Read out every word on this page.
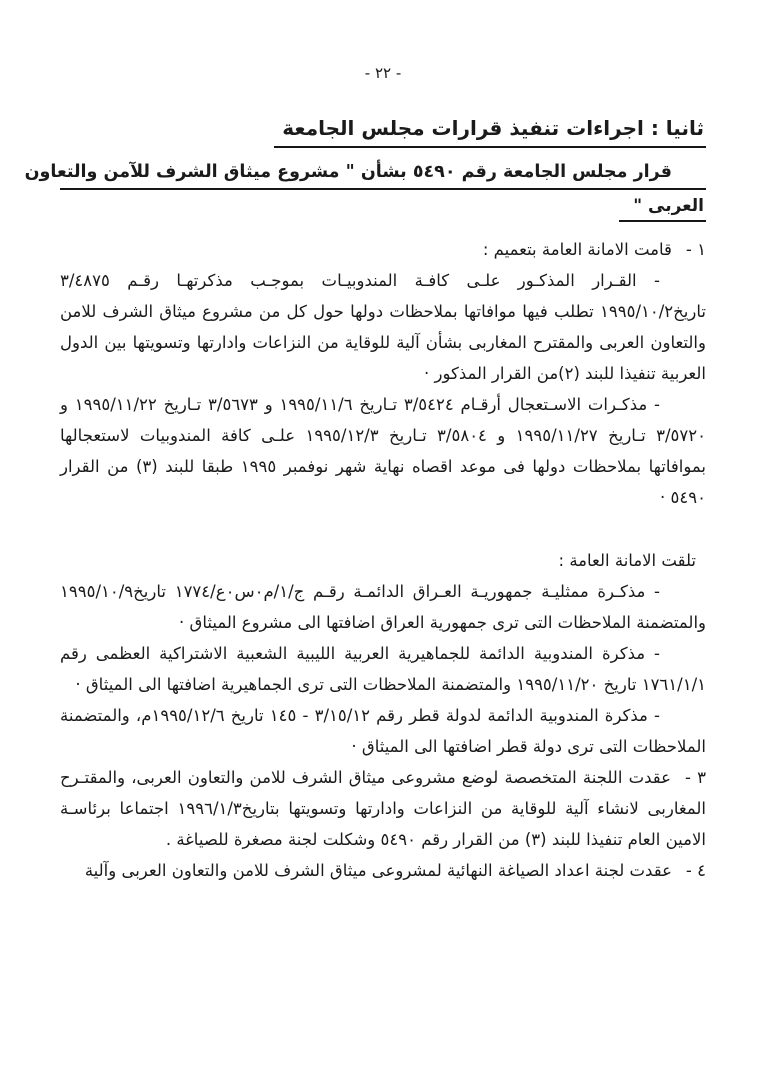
- ٢٢ -
ثانيا : اجراءات تنفيذ قرارات مجلس الجامعة
قرار مجلس الجامعة رقم ٥٤٩٠ بشأن " مشروع ميثاق الشرف للآمن والتعاون
العربى "

١ -قامت الامانة العامة بتعميم :

- القـرار المذكـور علـى كافـة المندوبيـات بموجـب مذكرتهـا رقـم ٣/٤٨٧٥ تاريخ١٩٩٥/١٠/٢ تطلب فيها موافاتها بملاحظات دولها حول كل من مشروع ميثاق الشرف للامن والتعاون العربى والمقترح المغاربى بشأن آلية للوقاية من النزاعات وادارتها وتسويتها بين الدول العربية تنفيذا للبند (٢)من القرار المذكور ·

- مذكـرات الاسـتعجال أرقـام ٣/٥٤٢٤ تـاريخ ١٩٩٥/١١/٦ و ٣/٥٦٧٣ تـاريخ ١٩٩٥/١١/٢٢ و ٣/٥٧٢٠ تـاريخ ١٩٩٥/١١/٢٧ و ٣/٥٨٠٤ تـاريخ ١٩٩٥/١٢/٣ علـى كافة المندوبيات لاستعجالها بموافاتها بملاحظات دولها فى موعد اقصاه نهاية شهر نوفمبر ١٩٩٥ طبقا للبند (٣) من القرار ٥٤٩٠ ·

تلقت الامانة العامة :

- مذكـرة ممثليـة جمهوريـة العـراق الدائمـة رقـم ج/١/م٠س٠ع/١٧٧٤ تاريخ١٩٩٥/١٠/٩ والمتضمنة الملاحظات التى ترى جمهورية العراق اضافتها الى مشروع الميثاق ·

- مذكرة المندوبية الدائمة للجماهيرية العربية الليبية الشعبية الاشتراكية العظمى رقم ١٧٦١/١/١ تاريخ ١٩٩٥/١١/٢٠ والمتضمنة الملاحظات التى ترى الجماهيرية اضافتها الى الميثاق ·

- مذكرة المندوبية الدائمة لدولة قطر رقم ٣/١٥/١٢ - ١٤٥ تاريخ ١٩٩٥/١٢/٦م، والمتضمنة الملاحظات التى ترى دولة قطر اضافتها الى الميثاق ·

٣ -عقدت اللجنة المتخصصة لوضع مشروعى ميثاق الشرف للامن والتعاون العربى، والمقتـرح المغاربى لانشاء آلية للوقاية من النزاعات وادارتها وتسويتها بتاريخ١٩٩٦/١/٣ اجتماعا برئاسـة الامين العام تنفيذا للبند (٣) من القرار رقم ٥٤٩٠ وشكلت لجنة مصغرة للصياغة .

٤ -عقدت لجنة اعداد الصياغة النهائية لمشروعى ميثاق الشرف للامن والتعاون العربى وآلية
